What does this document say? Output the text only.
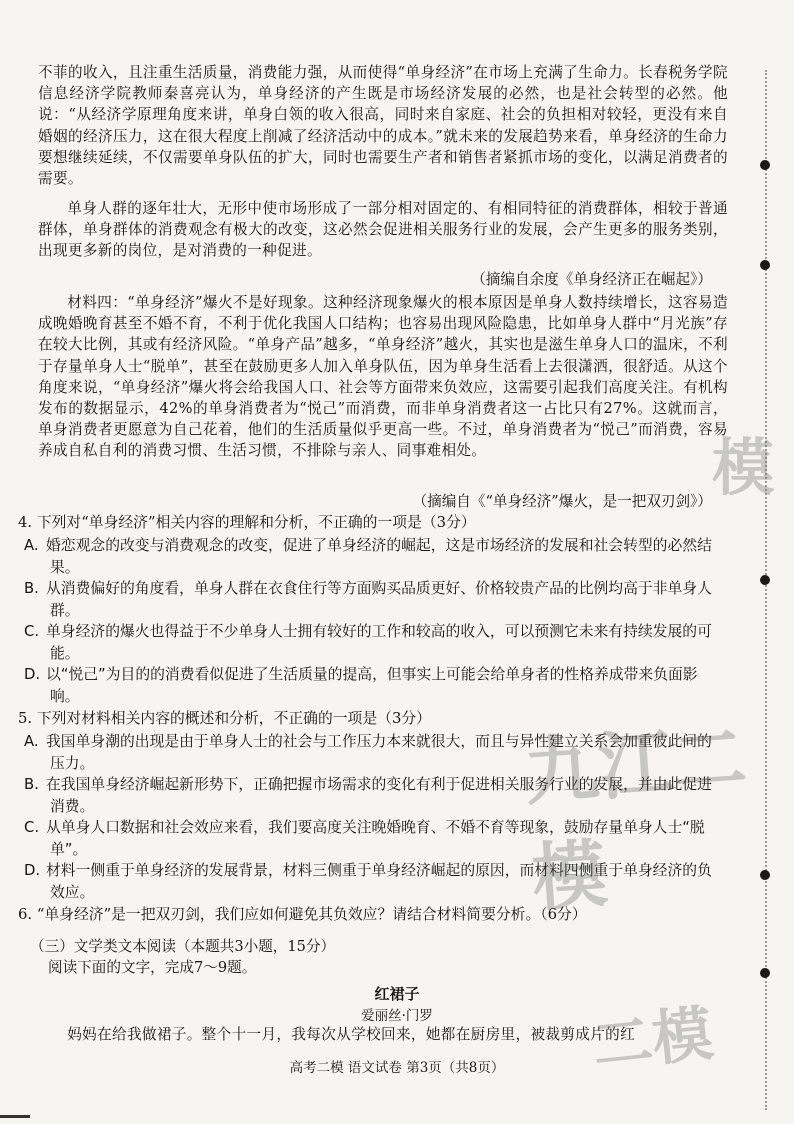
不菲的收入，且注重生活质量，消费能力强，从而使得“单身经济”在市场上充满了生命力。长春税务学院信息经济学院教师秦喜亮认为，单身经济的产生既是市场经济发展的必然，也是社会转型的必然。他说：“从经济学原理角度来讲，单身白领的收入很高，同时来自家庭、社会的负担相对较轻，更没有来自婚姻的经济压力，这在很大程度上削减了经济活动中的成本。”就未来的发展趋势来看，单身经济的生命力要想继续延续，不仅需要单身队伍的扩大，同时也需要生产者和销售者紧抓市场的变化，以满足消费者的需要。

单身人群的逐年壮大，无形中使市场形成了一部分相对固定的、有相同特征的消费群体，相较于普通群体，单身群体的消费观念有极大的改变，这必然会促进相关服务行业的发展，会产生更多的服务类别，出现更多新的岗位，是对消费的一种促进。

（摘编自余度《单身经济正在崛起》）

材料四：“单身经济”爆火不是好现象。这种经济现象爆火的根本原因是单身人数持续增长，这容易造成晚婚晚育甚至不婚不育，不利于优化我国人口结构；也容易出现风险隐患，比如单身人群中“月光族”存在较大比例，其或有经济风险。“单身产品”越多，“单身经济”越火，其实也是滋生单身人口的温床，不利于存量单身人士“脱单”，甚至在鼓励更多人加入单身队伍，因为单身生活看上去很潇洒，很舒适。从这个角度来说，“单身经济”爆火将会给我国人口、社会等方面带来负效应，这需要引起我们高度关注。有机构发布的数据显示，42%的单身消费者为“悦己”而消费，而非单身消费者这一占比只有27%。这就而言，单身消费者更愿意为自己花着，他们的生活质量似乎更高一些。不过，单身消费者为“悦己”而消费，容易养成自私自利的消费习惯、生活习惯，不排除与亲人、同事难相处。

（摘编自《“单身经济”爆火，是一把双刃剑》）

4. 下列对“单身经济”相关内容的理解和分析，不正确的一项是（3分）

A. 婚恋观念的改变与消费观念的改变，促进了单身经济的崛起，这是市场经济的发展和社会转型的必然结果。

B. 从消费偏好的角度看，单身人群在衣食住行等方面购买品质更好、价格较贵产品的比例均高于非单身人群。

C. 单身经济的爆火也得益于不少单身人士拥有较好的工作和较高的收入，可以预测它未来有持续发展的可能。

D. 以“悦己”为目的的消费看似促进了生活质量的提高，但事实上可能会给单身者的性格养成带来负面影响。

5. 下列对材料相关内容的概述和分析，不正确的一项是（3分）

A. 我国单身潮的出现是由于单身人士的社会与工作压力本来就很大，而且与异性建立关系会加重彼此间的压力。

B. 在我国单身经济崛起新形势下，正确把握市场需求的变化有利于促进相关服务行业的发展，并由此促进消费。

C. 从单身人口数据和社会效应来看，我们要高度关注晚婚晚育、不婚不育等现象，鼓励存量单身人士“脱单”。

D. 材料一侧重于单身经济的发展背景，材料三侧重于单身经济崛起的原因，而材料四侧重于单身经济的负效应。

6. “单身经济”是一把双刃剑，我们应如何避免其负效应？请结合材料简要分析。（6分）

（三）文学类文本阅读（本题共3小题，15分）
阅读下面的文字，完成7～9题。
红裙子
爱丽丝·门罗

妈妈在给我做裙子。整个十一月，我每次从学校回来，她都在厨房里，被裁剪成片的红

高考二模 语文试卷 第3页（共8页）
模
九江二模
二模
